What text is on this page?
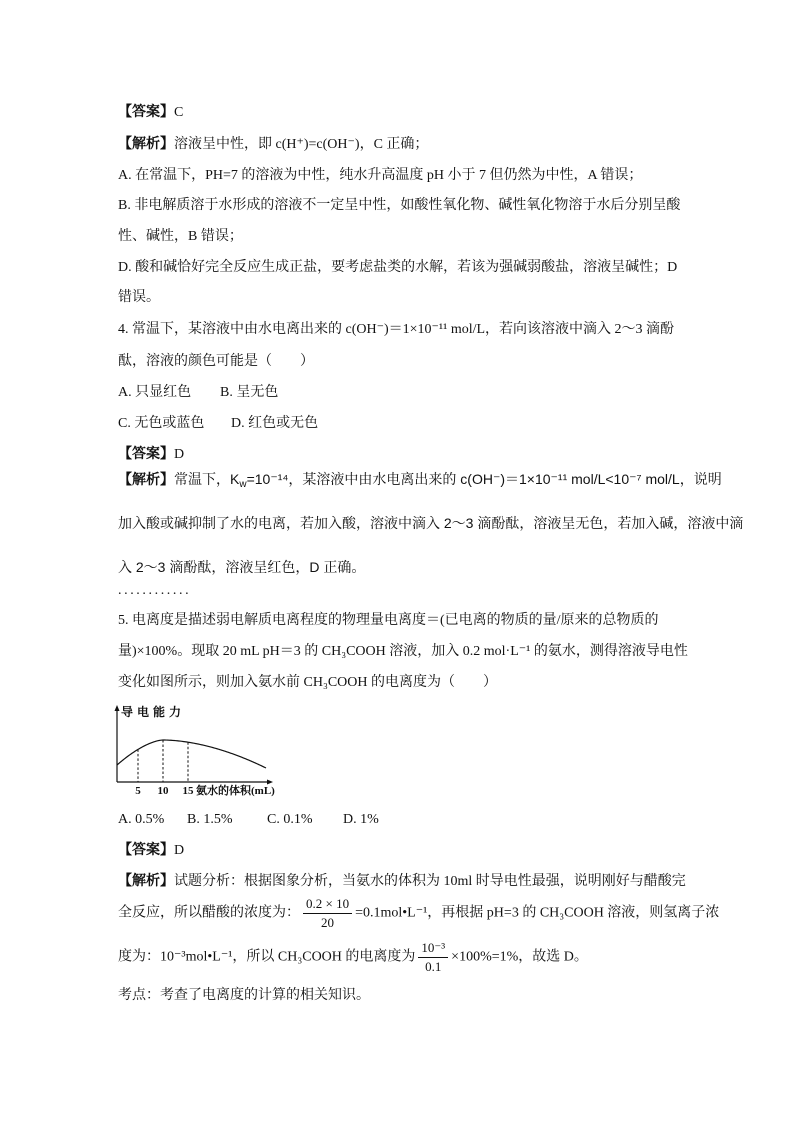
【答案】C
【解析】溶液呈中性，即 c(H⁺)=c(OH⁻)，C 正确；
A. 在常温下，PH=7 的溶液为中性，纯水升高温度 pH 小于 7 但仍然为中性，A 错误；
B. 非电解质溶于水形成的溶液不一定呈中性，如酸性氧化物、碱性氧化物溶于水后分别呈酸
性、碱性，B 错误；
D. 酸和碱恰好完全反应生成正盐，要考虑盐类的水解，若该为强碱弱酸盐，溶液呈碱性；D
错误。
4. 常温下，某溶液中由水电离出来的 c(OH⁻)＝1×10⁻¹¹ mol/L，若向该溶液中滴入 2～3 滴酚
酞，溶液的颜色可能是（　　）
A. 只显红色 B. 呈无色
C. 无色或蓝色 D. 红色或无色
【答案】D
【解析】常温下，$K_w=10^{-14}$，某溶液中由水电离出来的 c(OH⁻)＝1×10⁻¹¹ mol/L<10⁻⁷ mol/L，说明
加入酸或碱抑制了水的电离，若加入酸，溶液中滴入 2～3 滴酚酞，溶液呈无色，若加入碱，溶液中滴
入 2～3 滴酚酞，溶液呈红色，D 正确。
............
5. 电离度是描述弱电解质电离程度的物理量电离度＝(已电离的物质的量/原来的总物质的
量)×100%。现取 20 mL pH＝3 的 CH₃COOH 溶液，加入 0.2 mol·L⁻¹ 的氨水，测得溶液导电性
变化如图所示，则加入氨水前 CH₃COOH 的电离度为（　　）
导电能力
氨水的体积(mL)
5 10 15
A. 0.5% B. 1.5% C. 0.1% D. 1%
【答案】D
【解析】试题分析：根据图象分析，当氨水的体积为 10ml 时导电性最强，说明刚好与醋酸完
全反应，所以醋酸的浓度为： $\frac{0.2 \times 10}{20}$ =0.1mol•L⁻¹，再根据 pH=3 的 CH₃COOH 溶液，则氢离子浓
度为：10⁻³mol•L⁻¹，所以 CH₃COOH 的电离度为 $\frac{\text{10⁻³}}{0.1} \times 100\%=1\%$，故选 D。
考点：考查了电离度的计算的相关知识。
